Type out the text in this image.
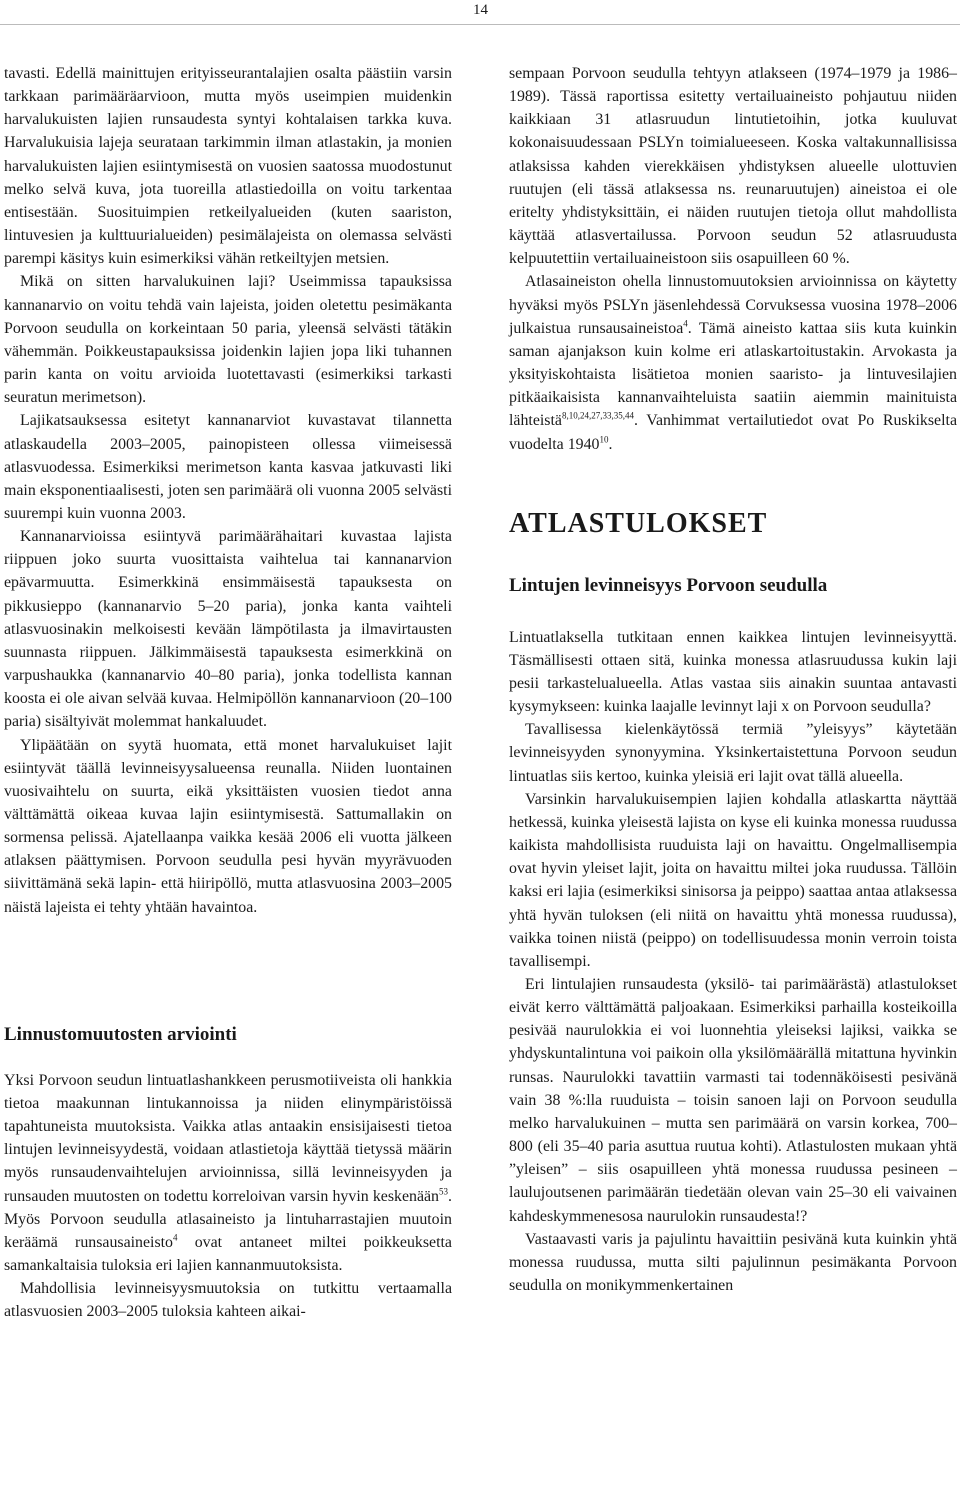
14

tavasti. Edellä mainittujen erityisseurantalajien osalta päästiin varsin tarkkaan parimääräarvioon, mutta myös useimpien muidenkin harvalukuisten lajien runsaudesta syntyi kohtalaisen tarkka kuva. Harvalukuisia lajeja seurataan tarkimmin ilman atlastakin, ja monien harvalukuisten lajien esiintymisestä on vuosien saatossa muodostunut melko selvä kuva, jota tuoreilla atlastiedoilla on voitu tarkentaa entisestään. Suosituimpien retkeilyalueiden (kuten saariston, lintuvesien ja kulttuurialueiden) pesimälajeista on olemassa selvästi parempi käsitys kuin esimerkiksi vähän retkeiltyjen metsien.

Mikä on sitten harvalukuinen laji? Useimmissa tapauksissa kannanarvio on voitu tehdä vain lajeista, joiden oletettu pesimäkanta Porvoon seudulla on korkeintaan 50 paria, yleensä selvästi tätäkin vähemmän. Poikkeustapauksissa joidenkin lajien jopa liki tuhannen parin kanta on voitu arvioida luotettavasti (esimerkiksi tarkasti seuratun merimetson).

Lajikatsauksessa esitetyt kannanarviot kuvastavat tilannetta atlaskaudella 2003–2005, painopisteen ollessa viimeisessä atlasvuodessa. Esimerkiksi merimetson kanta kasvaa jatkuvasti liki main eksponentiaalisesti, joten sen parimäärä oli vuonna 2005 selvästi suurempi kuin vuonna 2003.

Kannanarvioissa esiintyvä parimäärähaitari kuvastaa lajista riippuen joko suurta vuosittaista vaihtelua tai kannanarvion epävarmuutta. Esimerkkinä ensimmäisestä tapauksesta on pikkusieppo (kannanarvio 5–20 paria), jonka kanta vaihteli atlasvuosinakin melkoisesti kevään lämpötilasta ja ilmavirtausten suunnasta riippuen. Jälkimmäisestä tapauksesta esimerkkinä on varpushaukka (kannanarvio 40–80 paria), jonka todellista kannan koosta ei ole aivan selvää kuvaa. Helmipöllön kannanarvioon (20–100 paria) sisältyivät molemmat hankaluudet.

Ylipäätään on syytä huomata, että monet harvalukuiset lajit esiintyvät täällä levinneisyysalueensa reunalla. Niiden luontainen vuosivaihtelu on suurta, eikä yksittäisten vuosien tiedot anna välttämättä oikeaa kuvaa lajin esiintymisestä. Sattumallakin on sormensa pelissä. Ajatellaanpa vaikka kesää 2006 eli vuotta jälkeen atlaksen päättymisen. Porvoon seudulla pesi hyvän myyrävuoden siivittämänä sekä lapin- että hiiripöllö, mutta atlasvuosina 2003–2005 näistä lajeista ei tehty yhtään havaintoa.

Linnustomuutosten arviointi

Yksi Porvoon seudun lintuatlashankkeen perusmotiiveista oli hankkia tietoa maakunnan lintukannoissa ja niiden elinympäristöissä tapahtuneista muutoksista. Vaikka atlas antaakin ensisijaisesti tietoa lintujen levinneisyydestä, voidaan atlastietoja käyttää tietyssä määrin myös runsaudenvaihtelujen arvioinnissa, sillä levinneisyyden ja runsauden muutosten on todettu korreloivan varsin hyvin keskenään$^{53}$. Myös Porvoon seudulla atlasaineisto ja lintuharrastajien muutoin keräämä runsausaineisto$^4$ ovat antaneet miltei poikkeuksetta samankaltaisia tuloksia eri lajien kannanmuutoksista.

Mahdollisia levinneisyysmuutoksia on tutkittu vertaamalla atlasvuosien 2003–2005 tuloksia kahteen aikai-

sempaan Porvoon seudulla tehtyyn atlakseen (1974–1979 ja 1986–1989). Tässä raportissa esitetty vertailuaineisto pohjautuu niiden kaikkiaan 31 atlasruudun lintutietoihin, jotka kuuluvat kokonaisuudessaan PSLYn toimialueeseen. Koska valtakunnallisissa atlaksissa kahden vierekkäisen yhdistyksen alueelle ulottuvien ruutujen (eli tässä atlaksessa ns. reunaruutujen) aineistoa ei ole eritelty yhdistyksittäin, ei näiden ruutujen tietoja ollut mahdollista käyttää atlasvertailussa. Porvoon seudun 52 atlasruudusta kelpuutettiin vertailuaineistoon siis osapuilleen 60 %.

Atlasaineiston ohella linnustomuutoksien arvioinnissa on käytetty hyväksi myös PSLYn jäsenlehdessä Corvuksessa vuosina 1978–2006 julkaistua runsausaineistoa$^4$. Tämä aineisto kattaa siis kuta kuinkin saman ajanjakson kuin kolme eri atlaskartoitustakin. Arvokasta ja yksityiskohtaista lisätietoa monien saaristo- ja lintuvesilajien pitkäaikaisista kannanvaihteluista saatiin aiemmin mainituista lähteistä$^{8,10,24,27,33,35,44}$. Vanhimmat vertailutiedot ovat Po Ruskikselta vuodelta 1940$^{10}$.

ATLASTULOKSET
Lintujen levinneisyys Porvoon seudulla

Lintuatlaksella tutkitaan ennen kaikkea lintujen levinneisyyttä. Täsmällisesti ottaen sitä, kuinka monessa atlasruudussa kukin laji pesii tarkastelualueella. Atlas vastaa siis ainakin suuntaa antavasti kysymykseen: kuinka laajalle levinnyt laji x on Porvoon seudulla?

Tavallisessa kielenkäytössä termiä ”yleisyys” käytetään levinneisyyden synonyymina. Yksinkertaistettuna Porvoon seudun lintuatlas siis kertoo, kuinka yleisiä eri lajit ovat tällä alueella.

Varsinkin harvalukuisempien lajien kohdalla atlaskartta näyttää hetkessä, kuinka yleisestä lajista on kyse eli kuinka monessa ruudussa kaikista mahdollisista ruuduista laji on havaittu. Ongelmallisempia ovat hyvin yleiset lajit, joita on havaittu miltei joka ruudussa. Tällöin kaksi eri lajia (esimerkiksi sinisorsa ja peippo) saattaa antaa atlaksessa yhtä hyvän tuloksen (eli niitä on havaittu yhtä monessa ruudussa), vaikka toinen niistä (peippo) on todellisuudessa monin verroin toista tavallisempi.

Eri lintulajien runsaudesta (yksilö- tai parimäärästä) atlastulokset eivät kerro välttämättä paljoakaan. Esimerkiksi parhailla kosteikoilla pesivää naurulokkia ei voi luonnehtia yleiseksi lajiksi, vaikka se yhdyskuntalintuna voi paikoin olla yksilömäärällä mitattuna hyvinkin runsas. Naurulokki tavattiin varmasti tai todennäköisesti pesivänä vain 38 %:lla ruuduista – toisin sanoen laji on Porvoon seudulla melko harvalukuinen – mutta sen parimäärä on varsin korkea, 700–800 (eli 35–40 paria asuttua ruutua kohti). Atlastulosten mukaan yhtä ”yleisen” – siis osapuilleen yhtä monessa ruudussa pesineen – laulujoutsenen parimäärän tiedetään olevan vain 25–30 eli vaivainen kahdeskymmenesosa naurulokin runsaudesta!?

Vastaavasti varis ja pajulintu havaittiin pesivänä kuta kuinkin yhtä monessa ruudussa, mutta silti pajulinnun pesimäkanta Porvoon seudulla on monikymmenkertainen
